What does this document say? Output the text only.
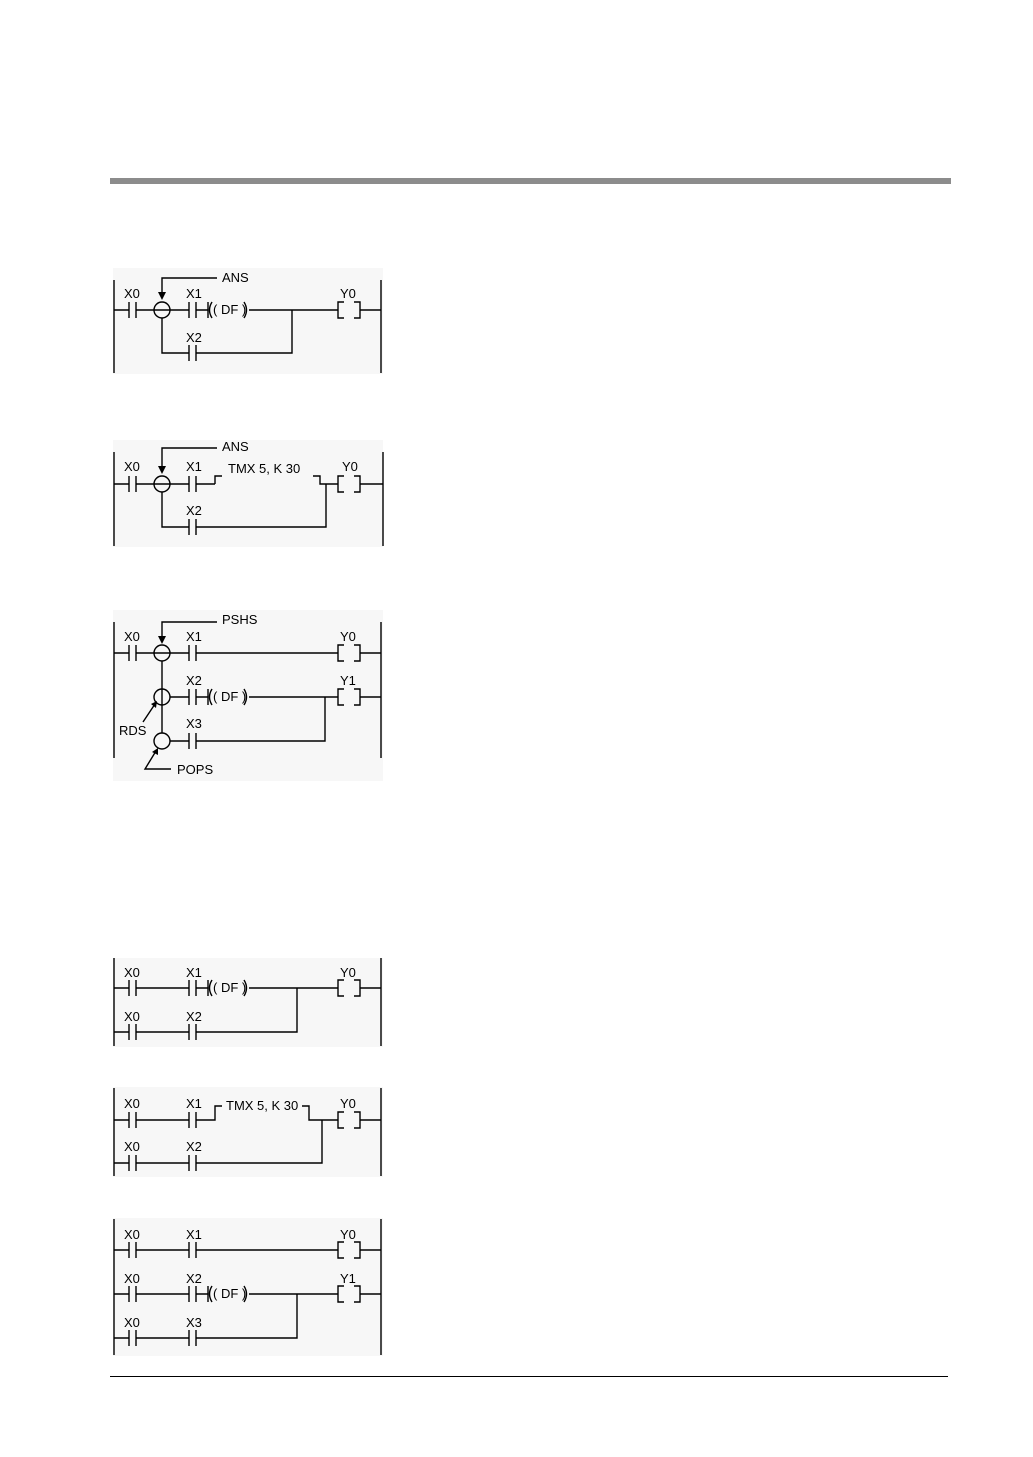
ANS
X0	X1
X2
Y0
( DF )
ANS
X0	X1
X2
Y0
TMX 5, K 30
PSHS
RDS
POPS
X0	X1
X2
X3
Y0
Y1
( DF )
X0	X1
X0	X2
Y0
( DF )
X0	X1
X0	X2
Y0
TMX 5, K 30
X0	X1
X0	X2
X0	X3
Y0
Y1
( DF )
